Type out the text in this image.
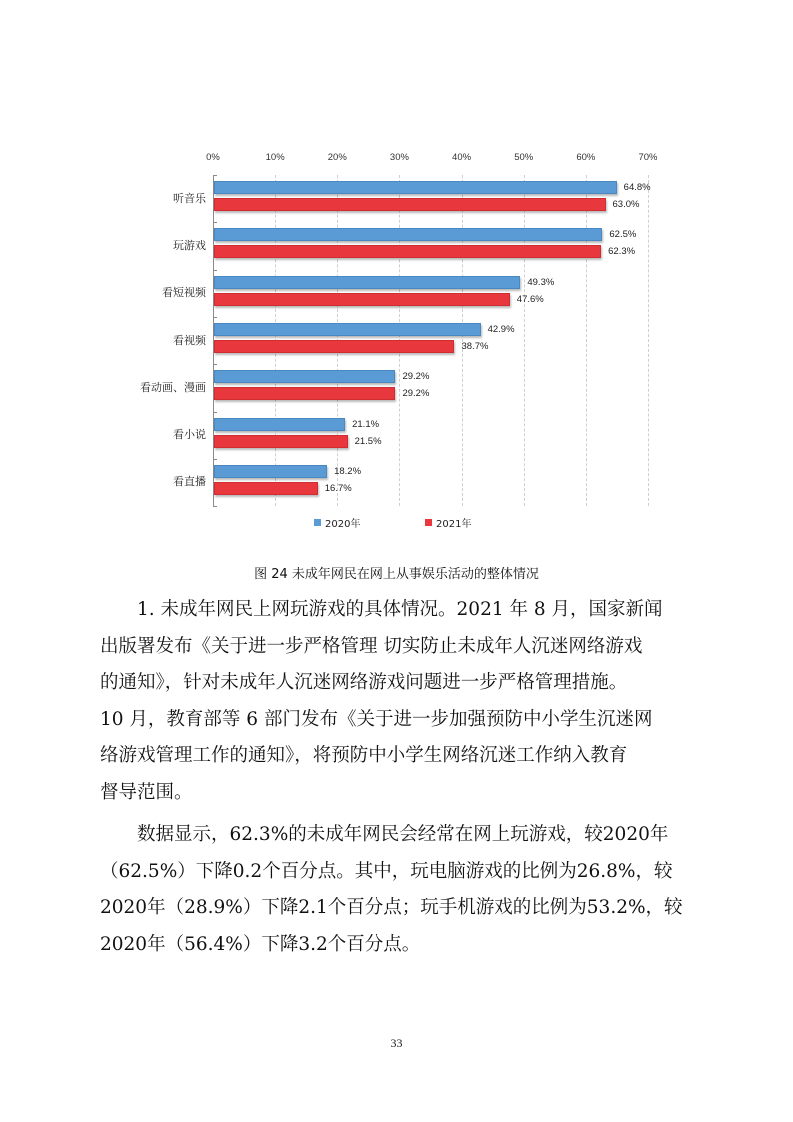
0%	10%	20%	30%	40%	50%	60%	70%
听音乐
64.8%
63.0%
玩游戏
62.5%
62.3%
看短视频
49.3%
47.6%
看视频
42.9%
38.7%
看动画、漫画
29.2%
29.2%
看小说
21.1%
21.5%
看直播
18.2%
16.7%
2020年	2021年
图 24 未成年网民在网上从事娱乐活动的整体情况
　　1. 未成年网民上网玩游戏的具体情况。2021 年 8 月，国家新闻
出版署发布《关于进一步严格管理 切实防止未成年人沉迷网络游戏
的通知》，针对未成年人沉迷网络游戏问题进一步严格管理措施。
10 月，教育部等 6 部门发布《关于进一步加强预防中小学生沉迷网
络游戏管理工作的通知》，将预防中小学生网络沉迷工作纳入教育
督导范围。
　　数据显示，62.3%的未成年网民会经常在网上玩游戏，较2020年
（62.5%）下降0.2个百分点。其中，玩电脑游戏的比例为26.8%，较
2020年（28.9%）下降2.1个百分点；玩手机游戏的比例为53.2%，较
2020年（56.4%）下降3.2个百分点。
33
